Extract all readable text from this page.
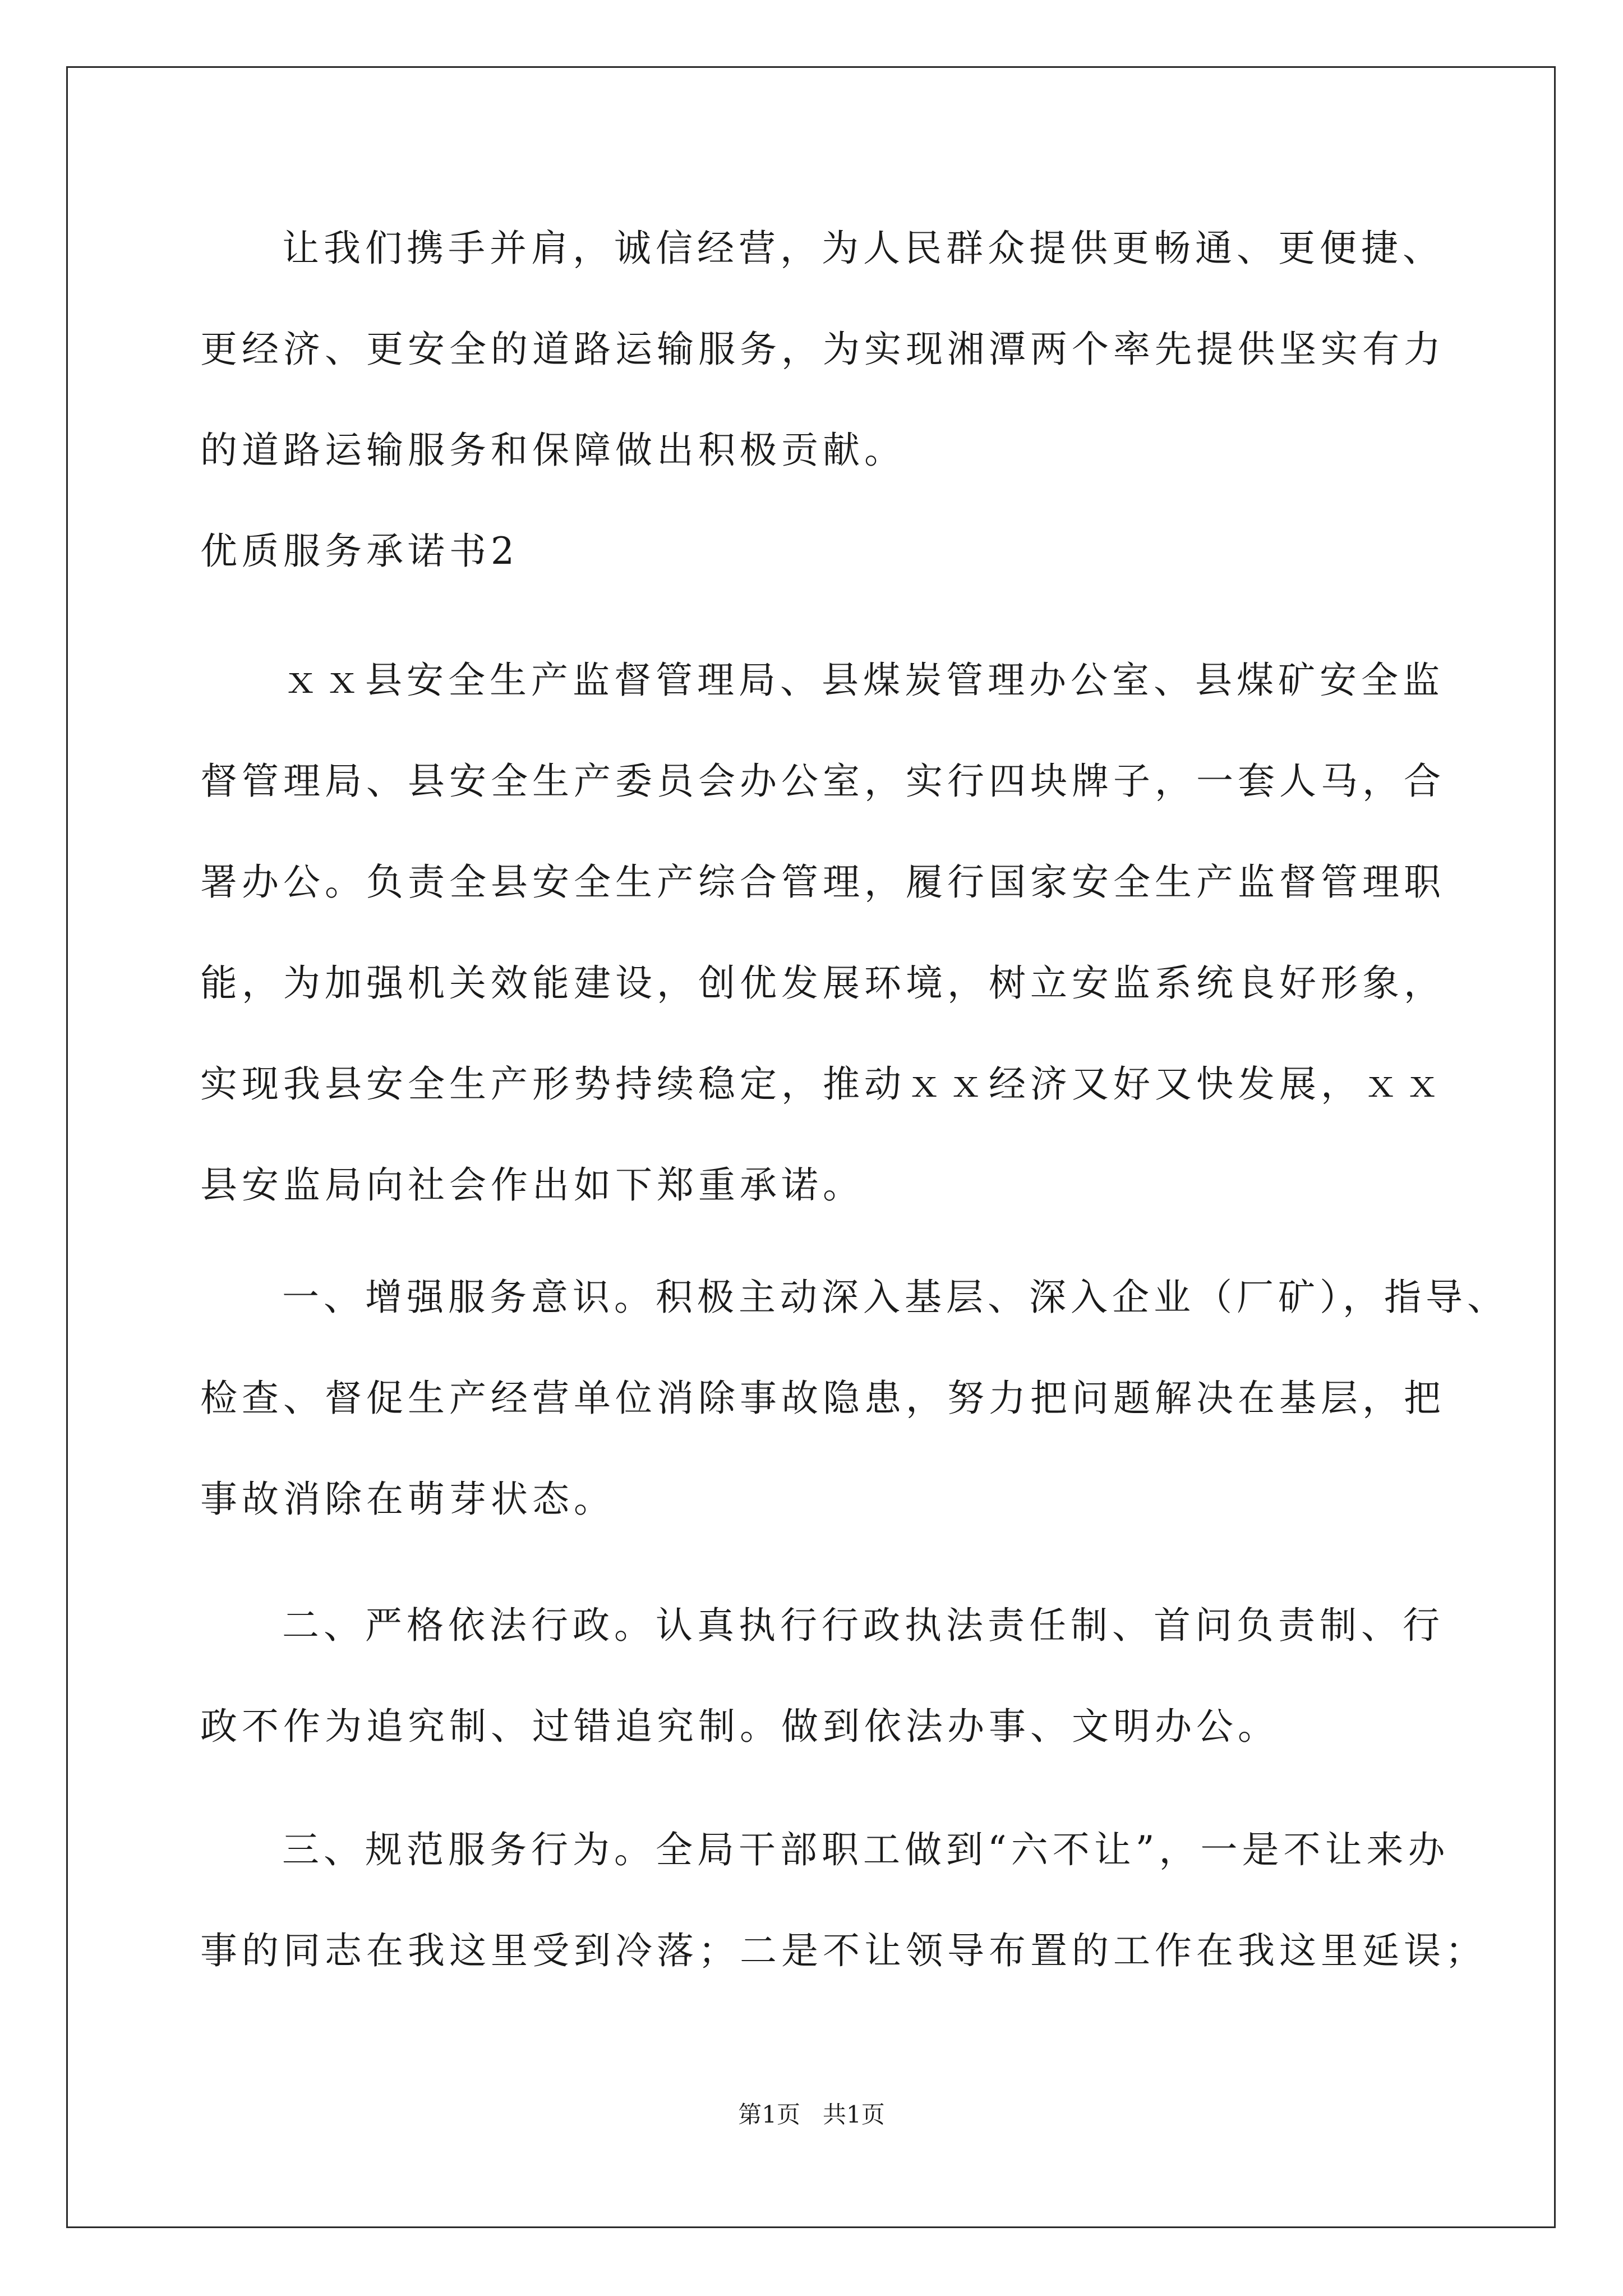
让我们携手并肩，诚信经营，为人民群众提供更畅通、更便捷、
更经济、更安全的道路运输服务，为实现湘潭两个率先提供坚实有力
的道路运输服务和保障做出积极贡献。
优质服务承诺书2
ｘｘ县安全生产监督管理局、县煤炭管理办公室、县煤矿安全监
督管理局、县安全生产委员会办公室，实行四块牌子，一套人马，合
署办公。负责全县安全生产综合管理，履行国家安全生产监督管理职
能，为加强机关效能建设，创优发展环境，树立安监系统良好形象，
实现我县安全生产形势持续稳定，推动ｘｘ经济又好又快发展，ｘｘ
县安监局向社会作出如下郑重承诺。
一、增强服务意识。积极主动深入基层、深入企业（厂矿），指导、
检查、督促生产经营单位消除事故隐患，努力把问题解决在基层，把
事故消除在萌芽状态。
二、严格依法行政。认真执行行政执法责任制、首问负责制、行
政不作为追究制、过错追究制。做到依法办事、文明办公。
三、规范服务行为。全局干部职工做到“六不让”，一是不让来办
事的同志在我这里受到冷落；二是不让领导布置的工作在我这里延误；
第1页   共1页
